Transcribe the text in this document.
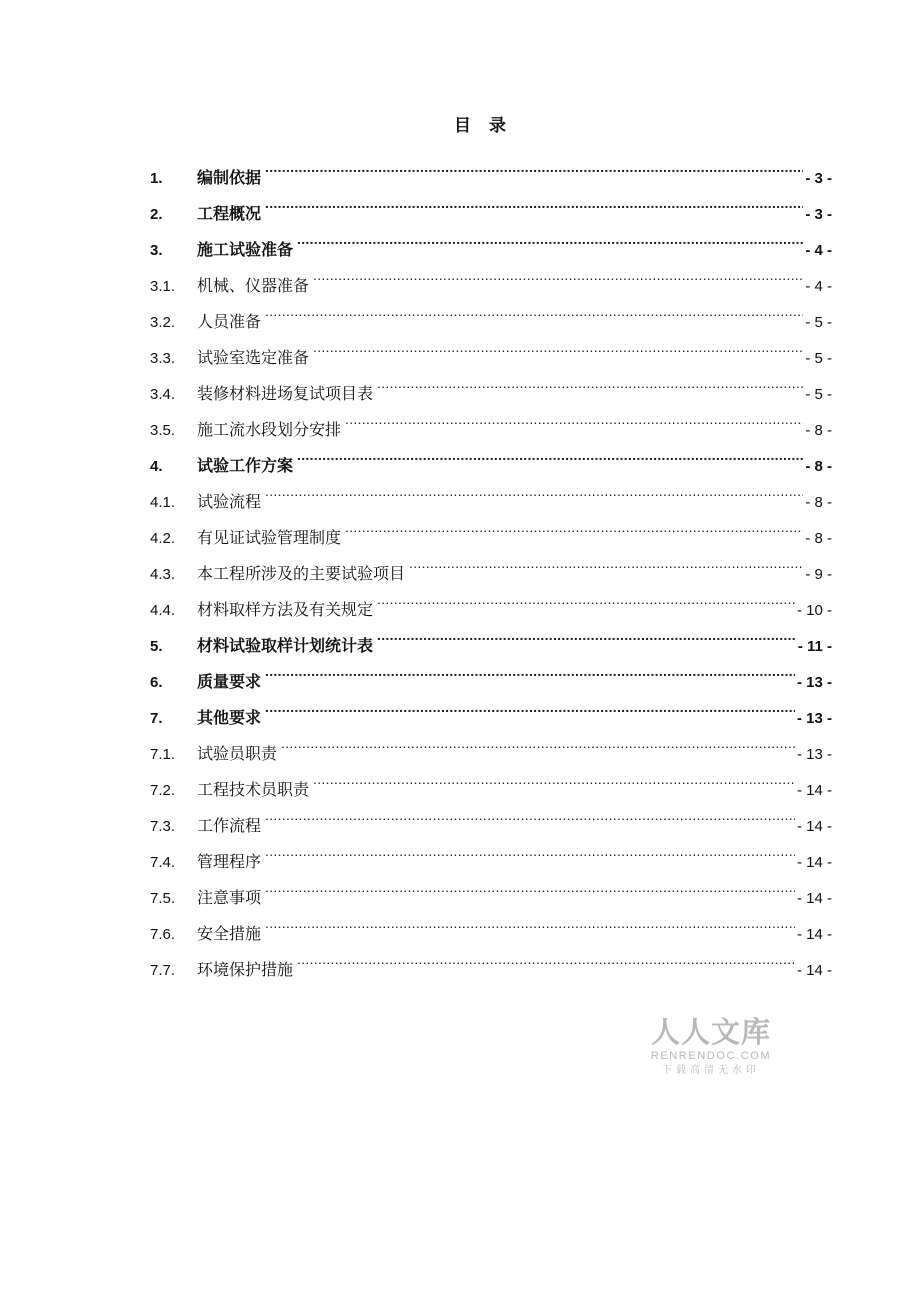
目 录
1.	编制依据 .....	- 3 -
2.	工程概况 .....	- 3 -
3.	施工试验准备 .....	- 4 -
3.1.	机械、仪器准备 .....	- 4 -
3.2.	人员准备 .....	- 5 -
3.3.	试验室选定准备 .....	- 5 -
3.4.	装修材料进场复试项目表 .....	- 5 -
3.5.	施工流水段划分安排 .....	- 8 -
4.	试验工作方案 .....	- 8 -
4.1.	试验流程 .....	- 8 -
4.2.	有见证试验管理制度 .....	- 8 -
4.3.	本工程所涉及的主要试验项目 .....	- 9 -
4.4.	材料取样方法及有关规定 .....	- 10 -
5.	材料试验取样计划统计表 .....	- 11 -
6.	质量要求 .....	- 13 -
7.	其他要求 .....	- 13 -
7.1.	试验员职责 .....	- 13 -
7.2.	工程技术员职责 .....	- 14 -
7.3.	工作流程 .....	- 14 -
7.4.	管理程序 .....	- 14 -
7.5.	注意事项 .....	- 14 -
7.6.	安全措施 .....	- 14 -
7.7.	环境保护措施 .....	- 14 -
人人文库
RENRENDOC.COM
下载高清无水印
